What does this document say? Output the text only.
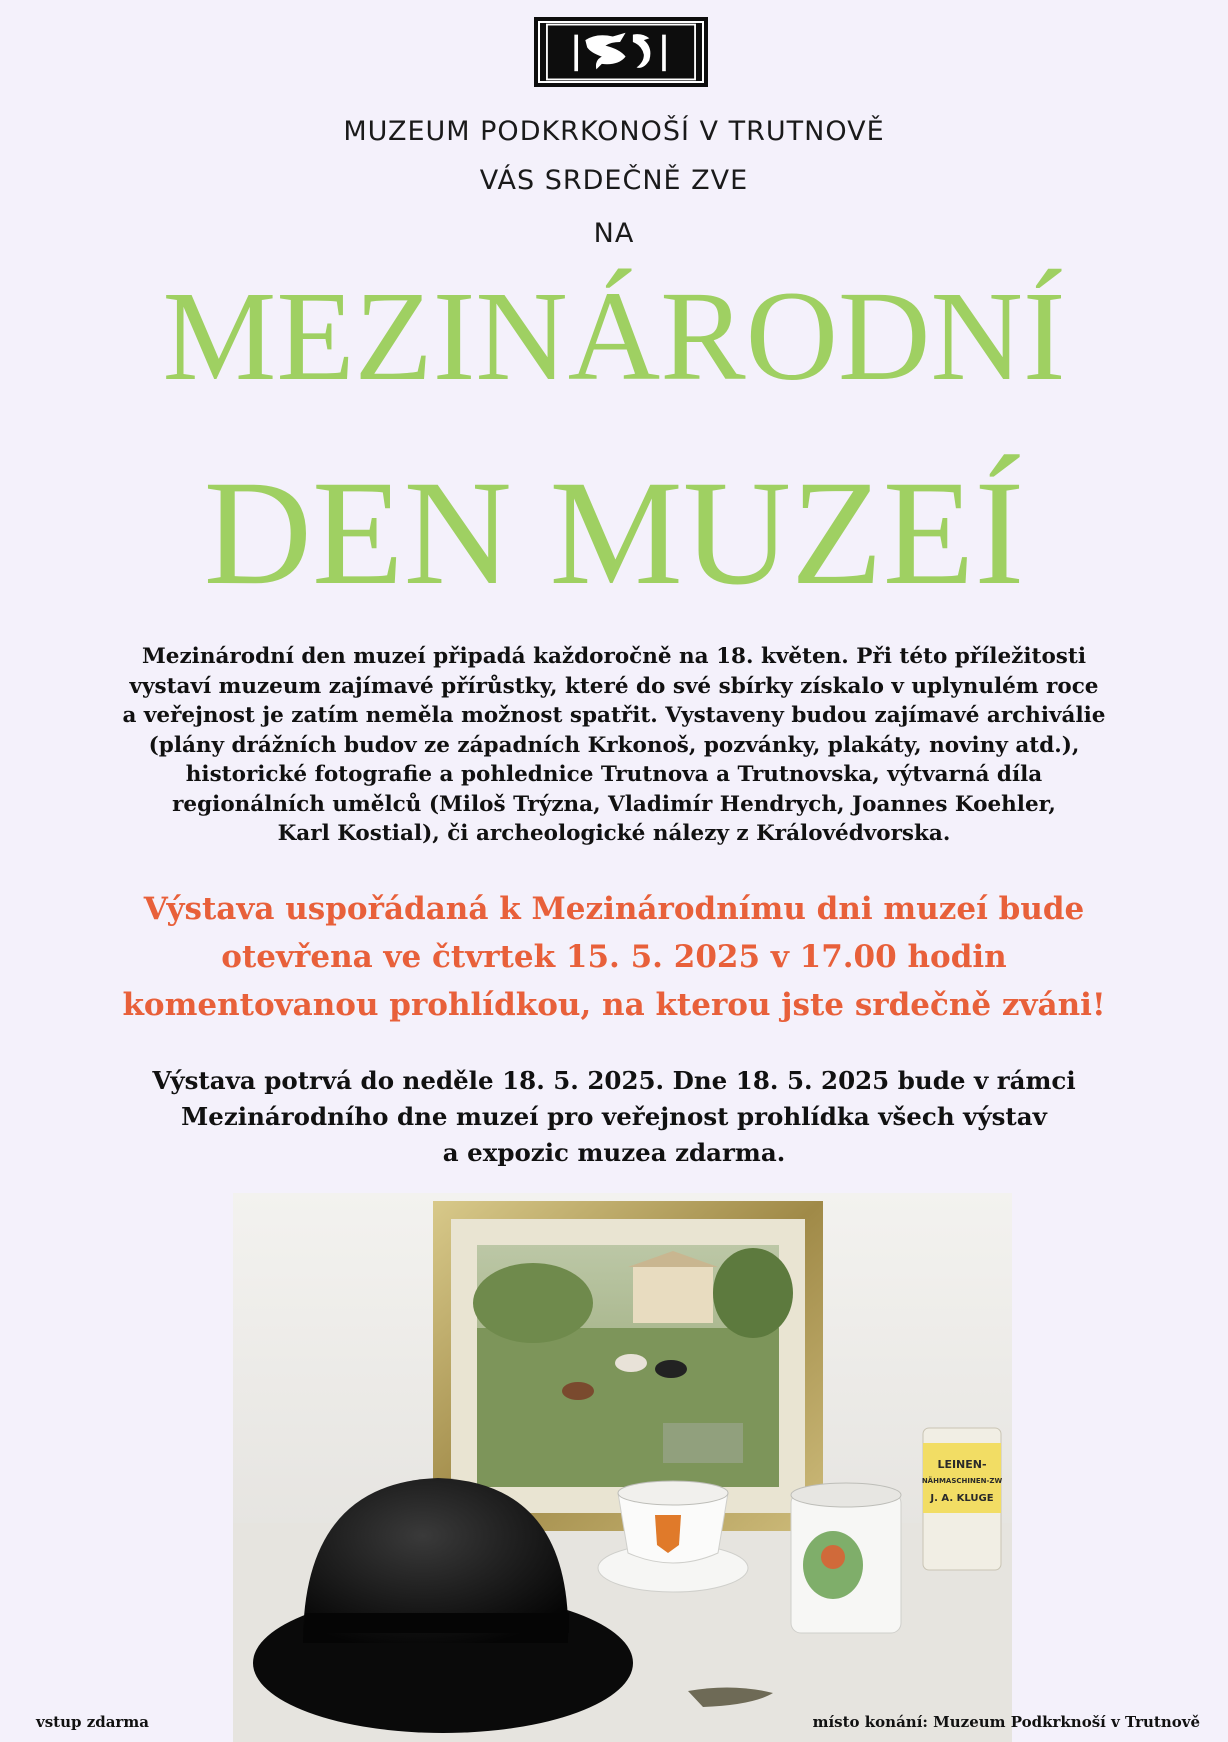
MUZEUM PODKRKONOŠÍ V TRUTNOVĚ
VÁS SRDEČNĚ ZVE
NA
MEZINÁRODNÍ
DEN MUZEÍ

Mezinárodní den muzeí připadá každoročně na 18. květen. Při této příležitosti

vystaví muzeum zajímavé přírůstky, které do své sbírky získalo v uplynulém roce

a veřejnost je zatím neměla možnost spatřit. Vystaveny budou zajímavé archiválie

(plány drážních budov ze západních Krkonoš, pozvánky, plakáty, noviny atd.),

historické fotografie a pohlednice Trutnova a Trutnovska, výtvarná díla

regionálních umělců (Miloš Trýzna, Vladimír Hendrych, Joannes Koehler,

Karl Kostial), či archeologické nálezy z Královédvorska.

Výstava uspořádaná k Mezinárodnímu dni muzeí bude

otevřena ve čtvrtek 15. 5. 2025 v 17.00 hodin

komentovanou prohlídkou, na kterou jste srdečně zváni!

Výstava potrvá do neděle 18. 5. 2025. Dne 18. 5. 2025 bude v rámci

Mezinárodního dne muzeí pro veřejnost prohlídka všech výstav

a expozic muzea zdarma.

LEINEN-
NÄHMASCHINEN-ZW
J. A. KLUGE
vstup zdarma	místo konání: Muzeum Podkrknoší v Trutnově
